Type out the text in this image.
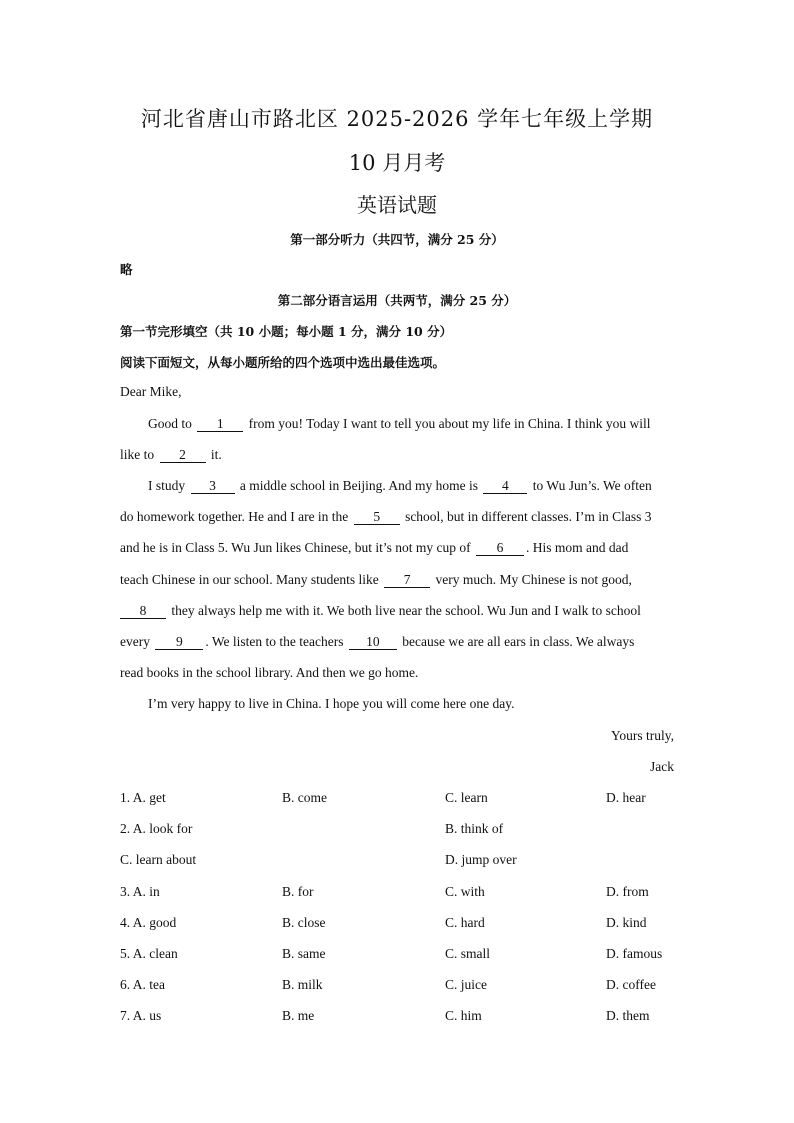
河北省唐山市路北区 2025-2026 学年七年级上学期
10 月月考
英语试题
第一部分听力（共四节，满分 25 分）
略
第二部分语言运用（共两节，满分 25 分）
第一节完形填空（共 10 小题；每小题 1 分，满分 10 分）
阅读下面短文，从每小题所给的四个选项中选出最佳选项。
Dear Mike,
Good to 1 from you! Today I want to tell you about my life in China. I think you will
like to 2 it.
I study 3 a middle school in Beijing. And my home is 4 to Wu Jun’s. We often
do homework together. He and I are in the 5 school, but in different classes. I’m in Class 3
and he is in Class 5. Wu Jun likes Chinese, but it’s not my cup of 6 . His mom and dad
teach Chinese in our school. Many students like 7 very much. My Chinese is not good,
8 they always help me with it. We both live near the school. Wu Jun and I walk to school
every 9 . We listen to the teachers 10 because we are all ears in class. We always
read books in the school library. And then we go home.
I’m very happy to live in China. I hope you will come here one day.
Yours truly,
Jack
1. A. get	B. come	C. learn	D. hear
2. A. look for	B. think of
C. learn about	D. jump over
3. A. in	B. for	C. with	D. from
4. A. good	B. close	C. hard	D. kind
5. A. clean	B. same	C. small	D. famous
6. A. tea	B. milk	C. juice	D. coffee
7. A. us	B. me	C. him	D. them
